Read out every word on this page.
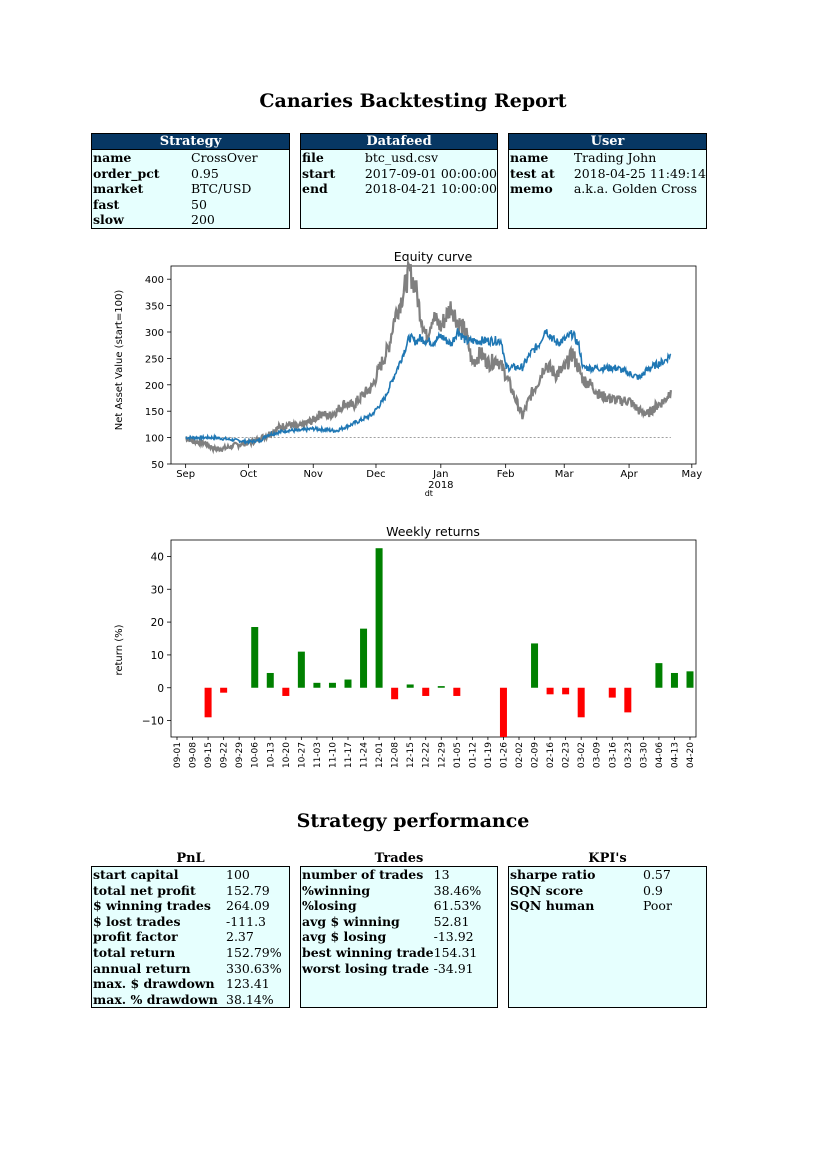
Canaries Backtesting Report
Strategy
name	CrossOver
order_pct	0.95
market	BTC/USD
fast	50
slow	200
Datafeed
file	btc_usd.csv
start	2017-09-01 00:00:00
end	2018-04-21 10:00:00
User
name	Trading John
test at	2018-04-25 11:49:14
memo	a.k.a. Golden Cross
Equity curve
50
100
150
200
250
300
350
400
Sep	Oct	Nov	Dec	Jan	Feb	Mar	Apr	May
2018
dt
Net Asset Value (start=100)
Weekly returns
−10
0
10
20
30
40
09-01 09-08 09-15 09-22 09-29 10-06 10-13 10-20 10-27 11-03 11-10 11-17 11-24 12-01 12-08 12-15 12-22 12-29 01-05 01-12 01-19 01-26 02-02 02-09 02-16 02-23 03-02 03-09 03-16 03-23 03-30 04-06 04-13 04-20
return (%)
Strategy performance
PnL
start capital	100
total net profit	152.79
$ winning trades	264.09
$ lost trades	-111.3
profit factor	2.37
total return	152.79%
annual return	330.63%
max. $ drawdown	123.41
max. % drawdown	38.14%
Trades
number of trades	13
%winning	38.46%
%losing	61.53%
avg $ winning	52.81
avg $ losing	-13.92
best winning trade	154.31
worst losing trade	-34.91
KPI's
sharpe ratio	0.57
SQN score	0.9
SQN human	Poor
